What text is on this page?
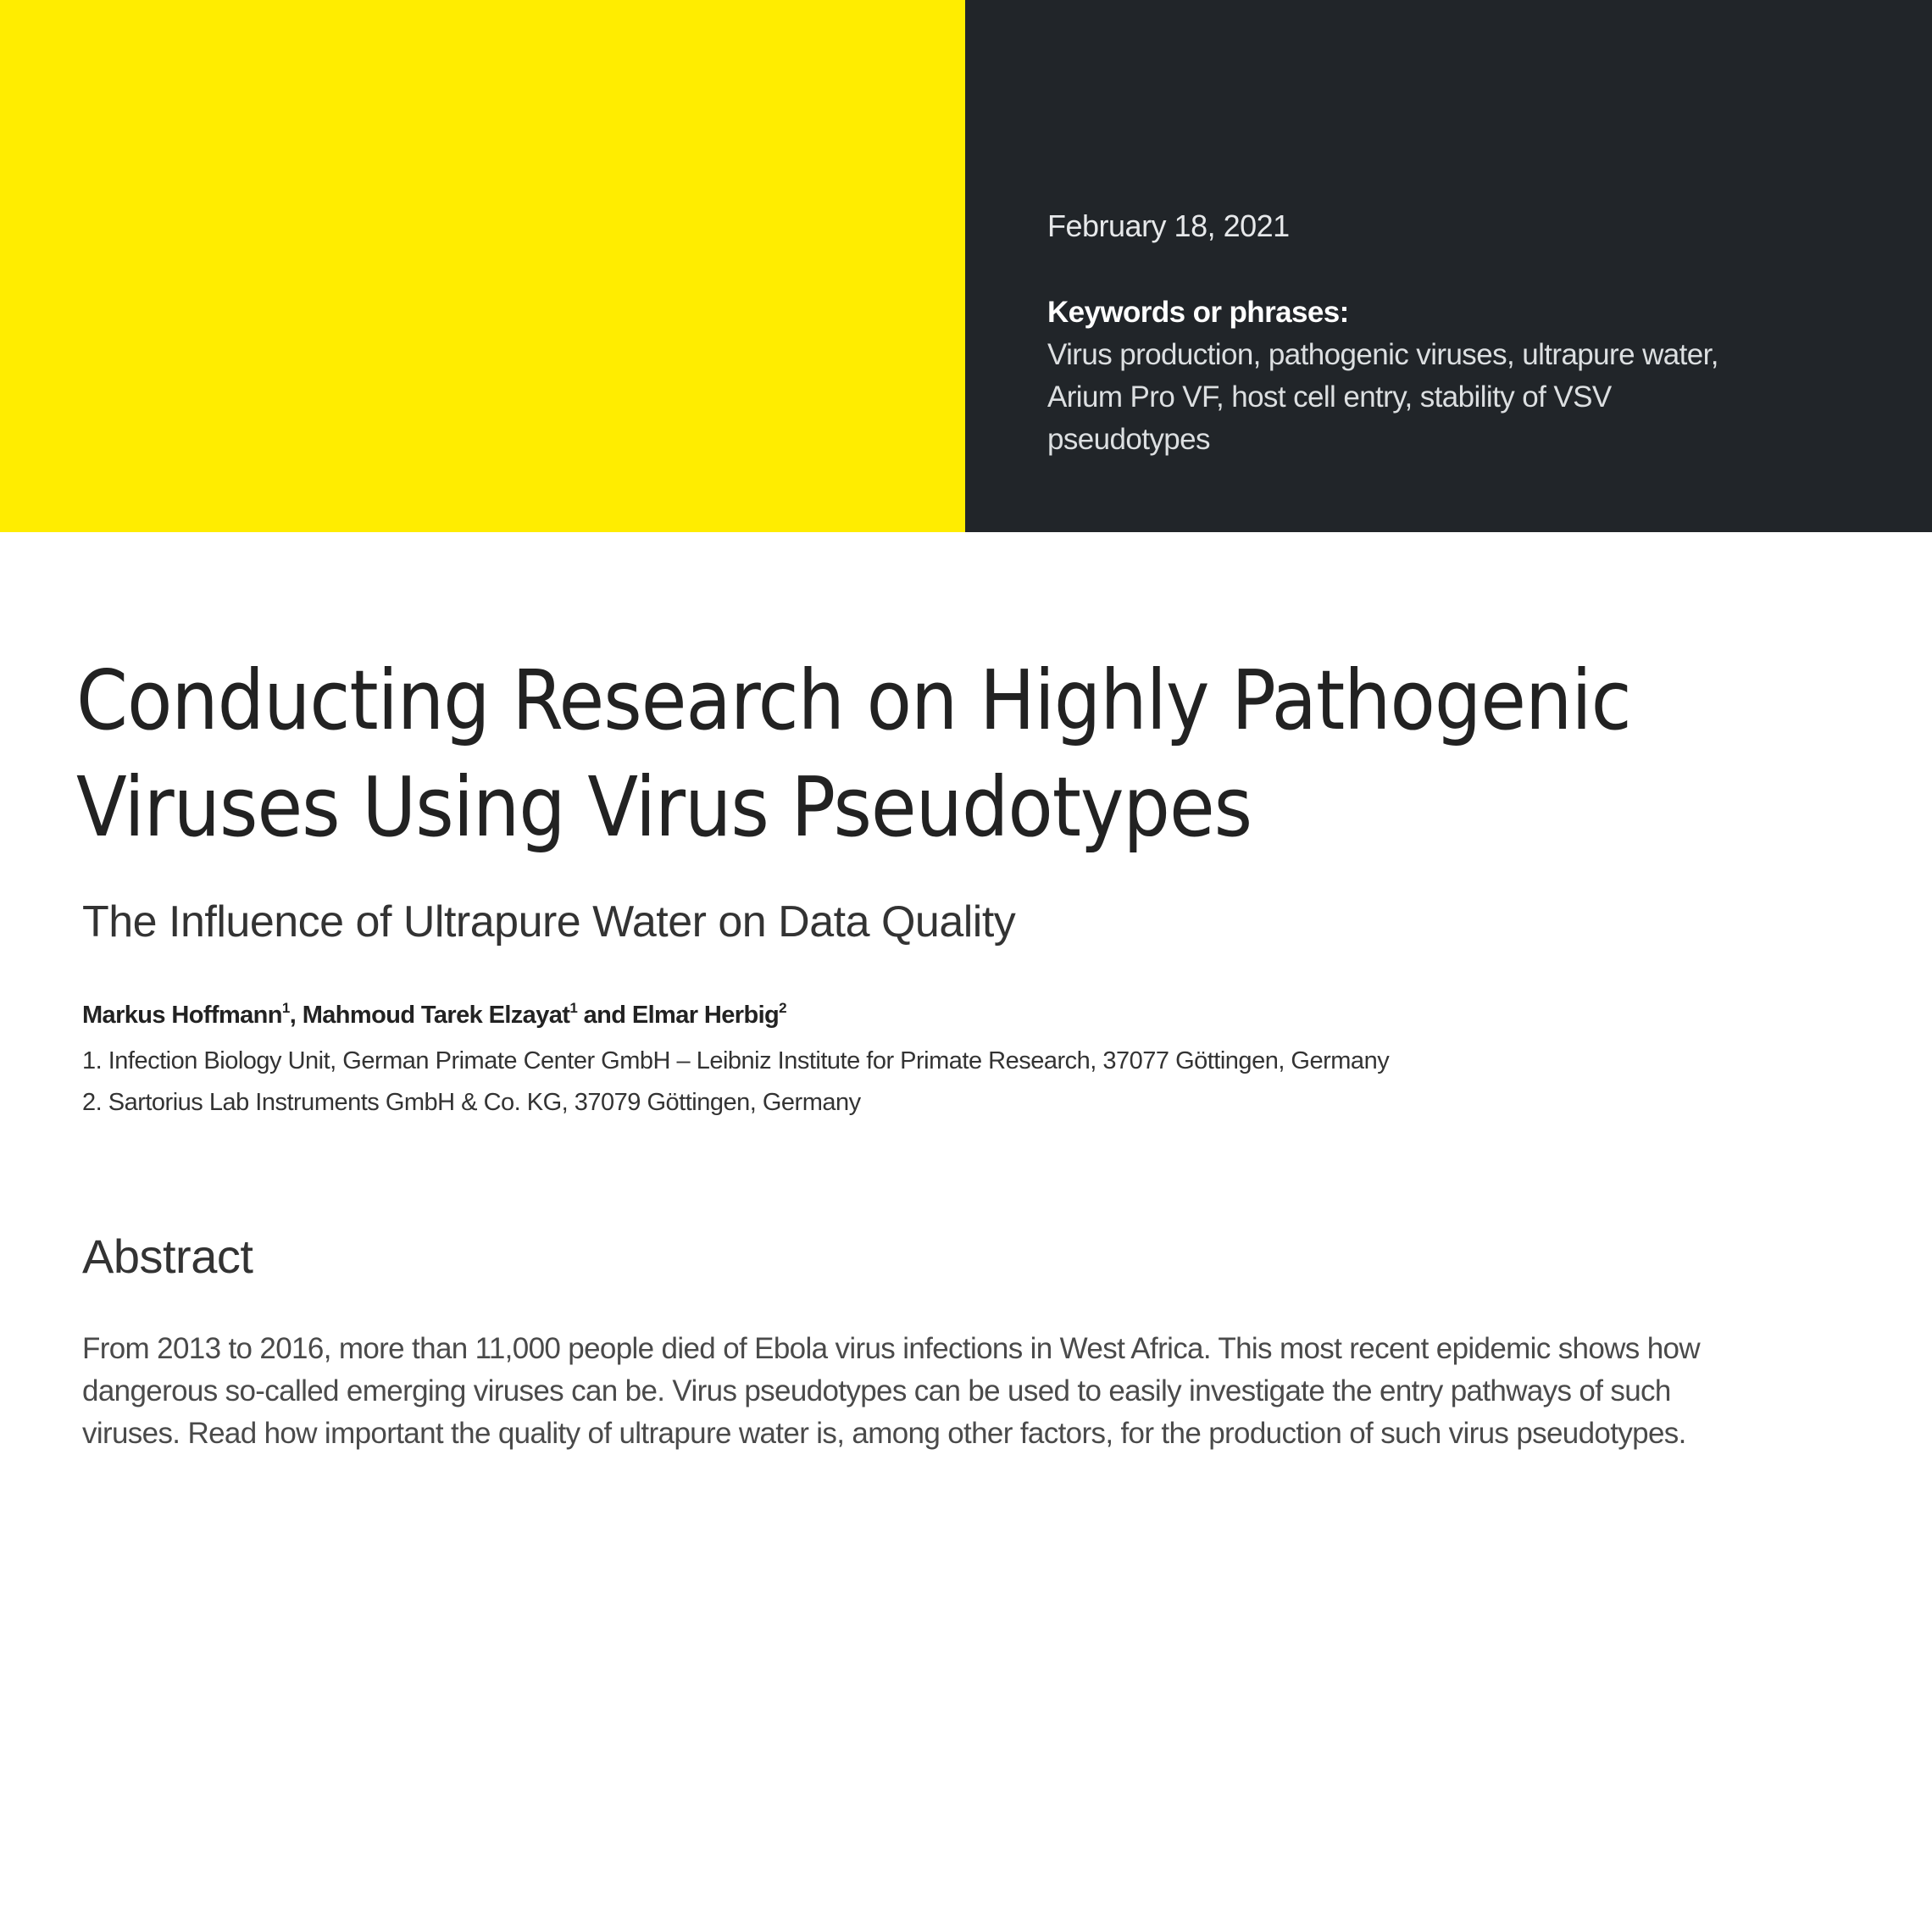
February 18, 2021
Keywords or phrases:
Virus production, pathogenic viruses, ultrapure water, Arium Pro VF, host cell entry, stability of VSV pseudotypes
Conducting Research on Highly Pathogenic
Viruses Using Virus Pseudotypes
The Influence of Ultrapure Water on Data Quality
Markus Hoffmann$^1$, Mahmoud Tarek Elzayat$^1$ and Elmar Herbig$^2$
1. Infection Biology Unit, German Primate Center GmbH – Leibniz Institute for Primate Research, 37077 Göttingen, Germany
2. Sartorius Lab Instruments GmbH & Co. KG, 37079 Göttingen, Germany
Abstract

From 2013 to 2016, more than 11,000 people died of Ebola virus infections in West Africa. This most recent epidemic shows how
dangerous so-called emerging viruses can be. Virus pseudotypes can be used to easily investigate the entry pathways of such
viruses. Read how important the quality of ultrapure water is, among other factors, for the production of such virus pseudotypes.
